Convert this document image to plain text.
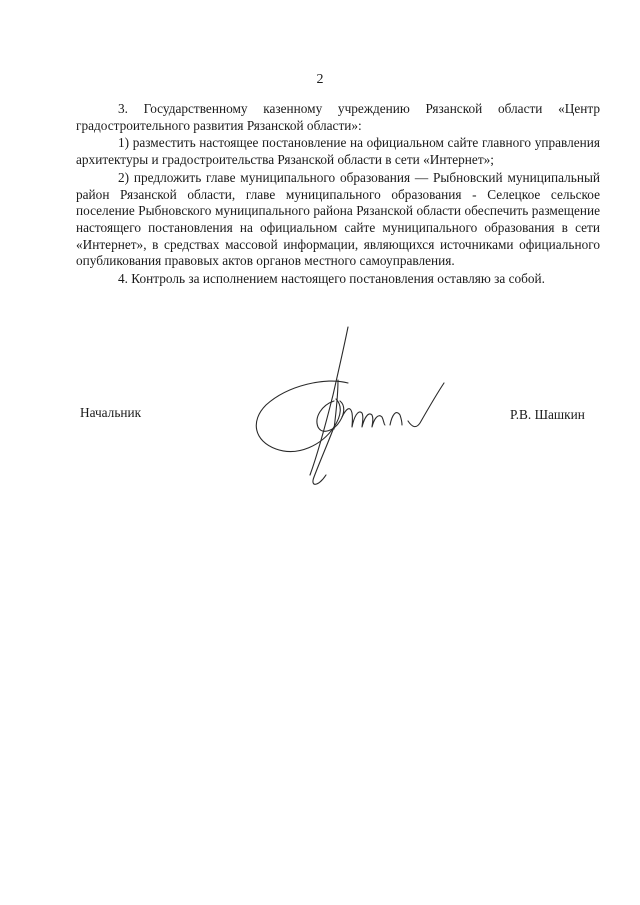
2

3. Государственному казенному учреждению Рязанской области «Центр градостроительного развития Рязанской области»:

1) разместить настоящее постановление на официальном сайте главного управления архитектуры и градостроительства Рязанской области в сети «Интернет»;

2) предложить главе муниципального образования — Рыбновский муниципальный район Рязанской области, главе муниципального образования - Селецкое сельское поселение Рыбновского муниципального района Рязанской области обеспечить размещение настоящего постановления на официальном сайте муниципального образования в сети «Интернет», в средствах массовой информации, являющихся источниками официального опубликования правовых актов органов местного самоуправления.

4. Контроль за исполнением настоящего постановления оставляю за собой.

Начальник	Р.В. Шашкин
